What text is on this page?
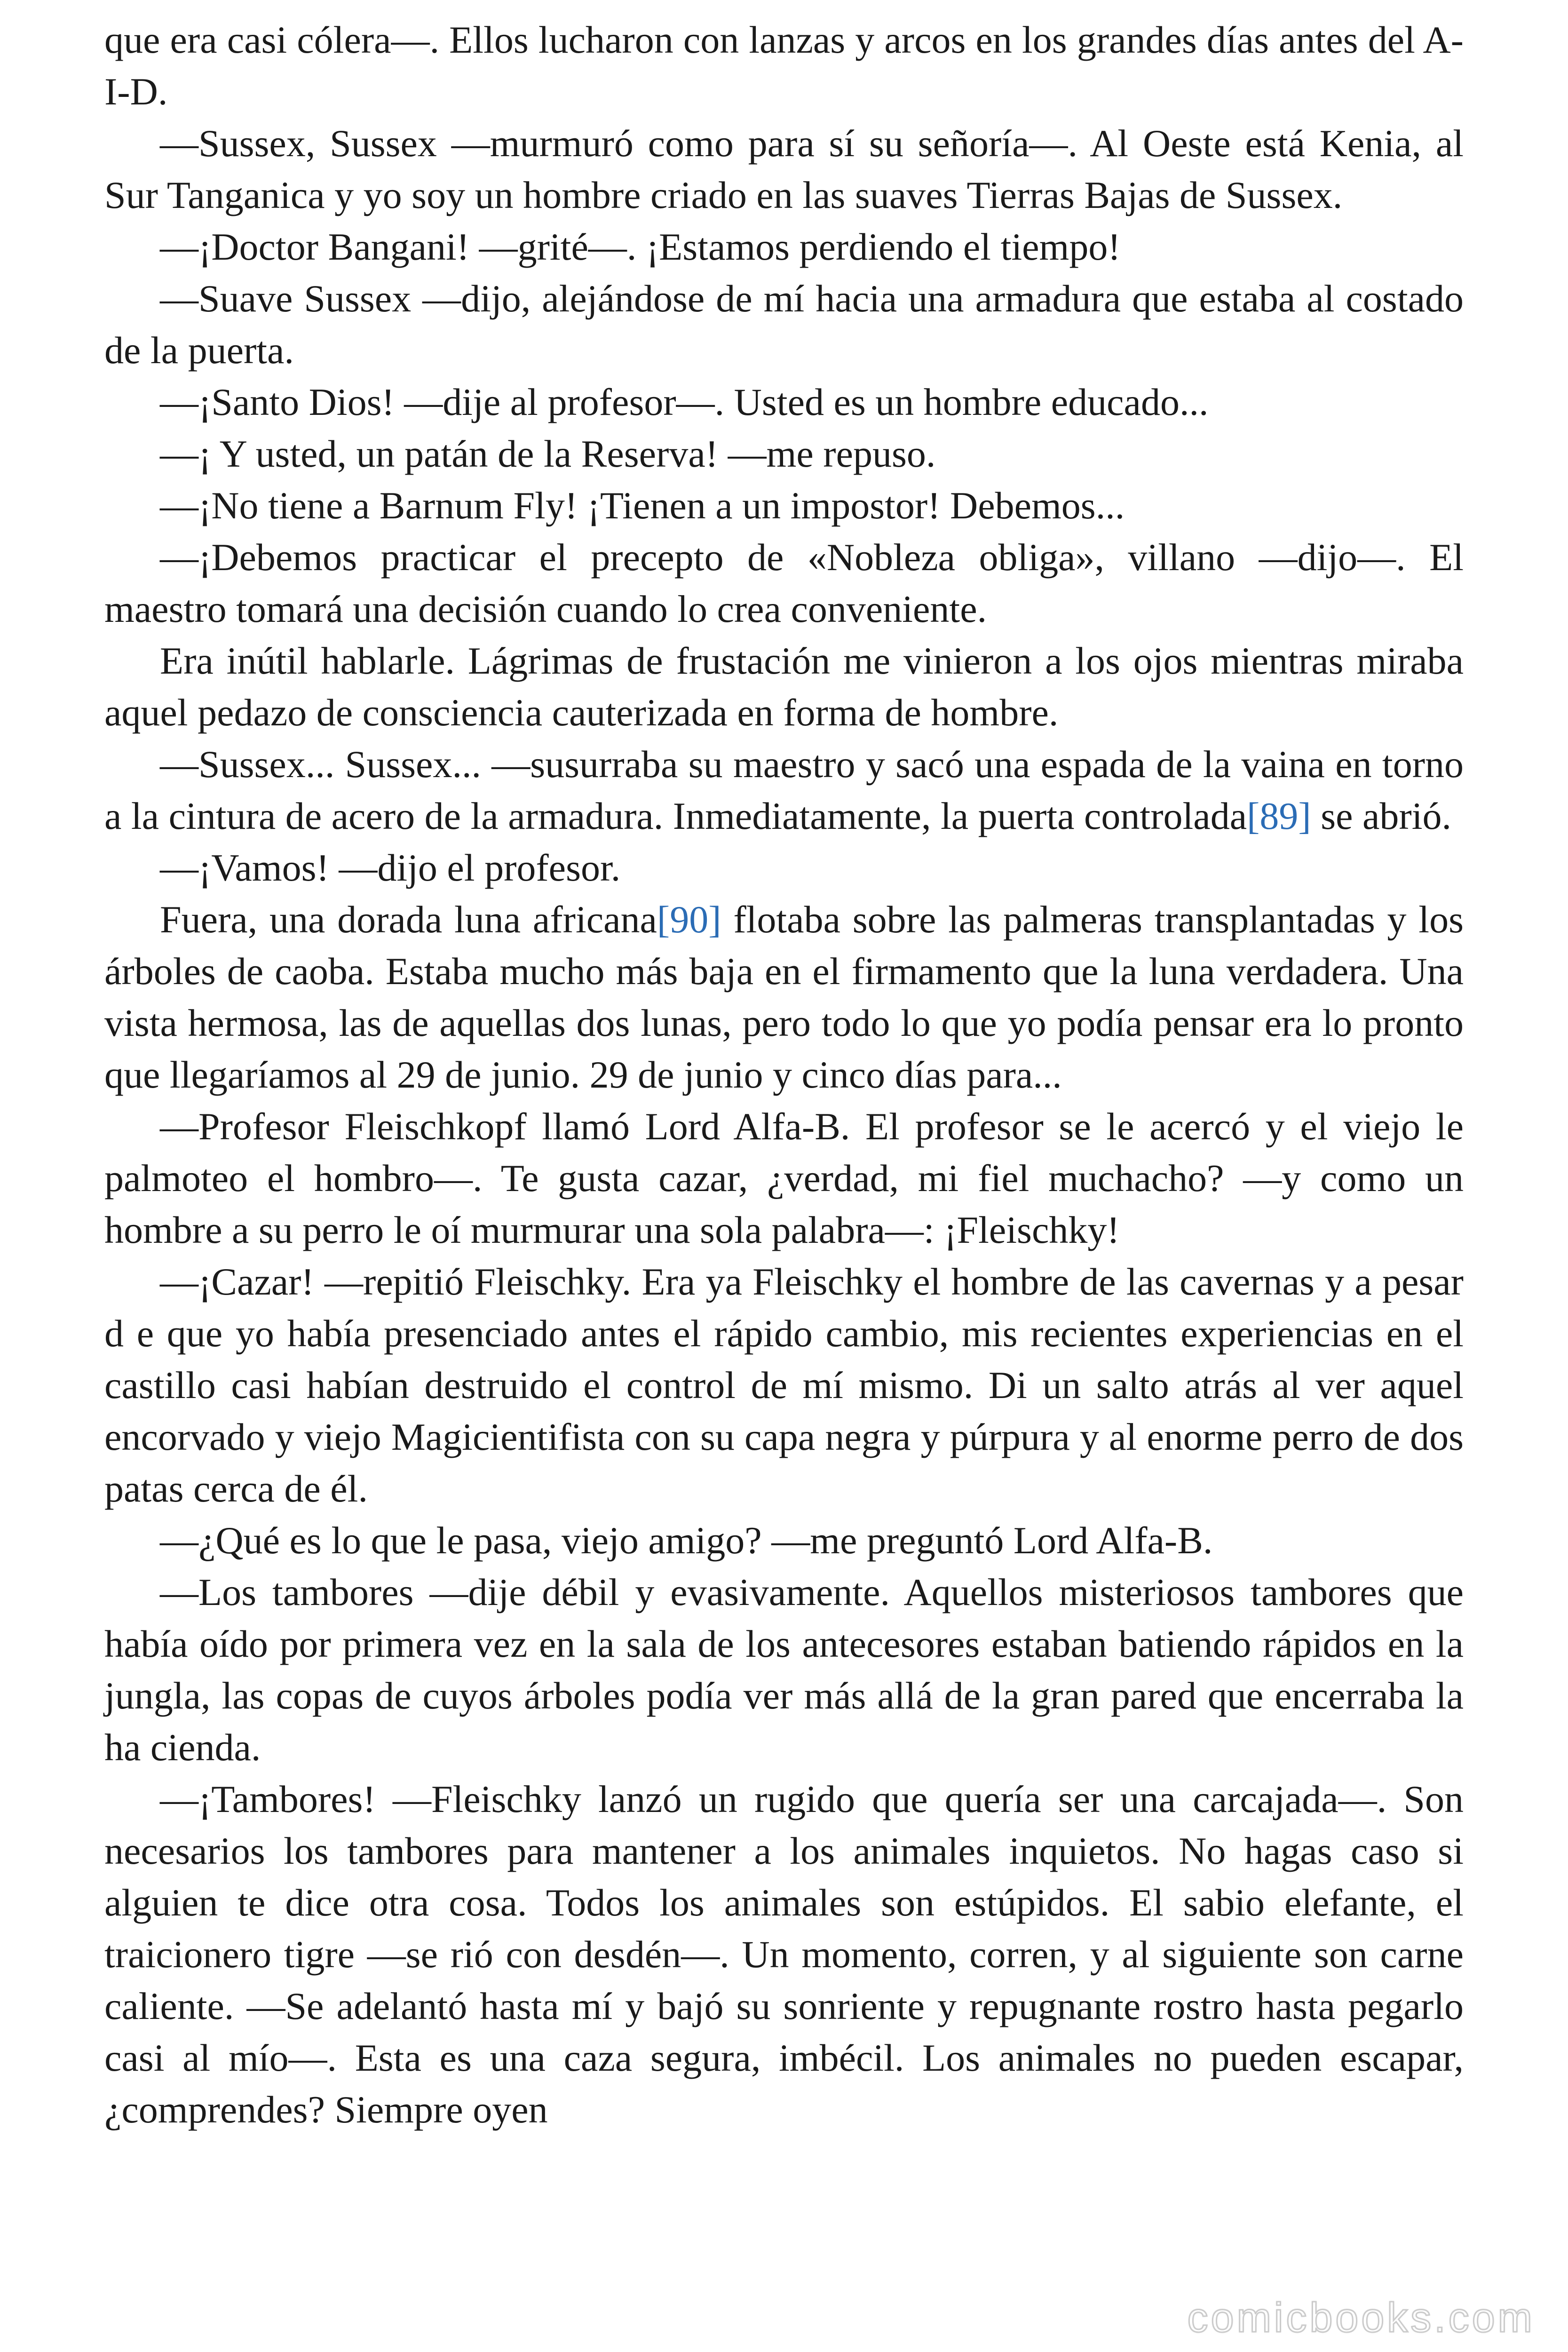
que era casi cólera—. Ellos lucharon con lanzas y arcos en los grandes días antes del A-I-D.

—Sussex, Sussex —murmuró como para sí su señoría—. Al Oeste está Kenia, al Sur Tanganica y yo soy un hombre criado en las suaves Tierras Bajas de Sussex.

—¡Doctor Bangani! —grité—. ¡Estamos perdiendo el tiempo!

—Suave Sussex —dijo, alejándose de mí hacia una armadura que estaba al costado de la puerta.

—¡Santo Dios! —dije al profesor—. Usted es un hombre educado...

—¡ Y usted, un patán de la Reserva! —me repuso.

—¡No tiene a Barnum Fly! ¡Tienen a un impostor! Debemos...

—¡Debemos practicar el precepto de «Nobleza obliga», villano —dijo—. El maestro tomará una decisión cuando lo crea conveniente.

Era inútil hablarle. Lágrimas de frustación me vinieron a los ojos mientras miraba aquel pedazo de consciencia cauterizada en forma de hombre.

—Sussex... Sussex... —susurraba su maestro y sacó una espada de la vaina en torno a la cintura de acero de la armadura. Inmediatamente, la puerta controlada[89] se abrió.

—¡Vamos! —dijo el profesor.

Fuera, una dorada luna africana[90] flotaba sobre las palmeras transplantadas y los árboles de caoba. Estaba mucho más baja en el firmamento que la luna verdadera. Una vista hermosa, las de aquellas dos lunas, pero todo lo que yo podía pensar era lo pronto que llegaríamos al 29 de junio. 29 de junio y cinco días para...

—Profesor Fleischkopf llamó Lord Alfa-B. El profesor se le acercó y el viejo le palmoteo el hombro—. Te gusta cazar, ¿verdad, mi fiel muchacho? —y como un hombre a su perro le oí murmurar una sola palabra—: ¡Fleischky!

—¡Cazar! —repitió Fleischky. Era ya Fleischky el hombre de las cavernas y a pesar d e que yo había presenciado antes el rápido cambio, mis recientes experiencias en el castillo casi habían destruido el control de mí mismo. Di un salto atrás al ver aquel encorvado y viejo Magicientifista con su capa negra y púrpura y al enorme perro de dos patas cerca de él.

—¿Qué es lo que le pasa, viejo amigo? —me preguntó Lord Alfa-B.

—Los tambores —dije débil y evasivamente. Aquellos misteriosos tambores que había oído por primera vez en la sala de los antecesores estaban batiendo rápidos en la jungla, las copas de cuyos árboles podía ver más allá de la gran pared que encerraba la ha cienda.

—¡Tambores! —Fleischky lanzó un rugido que quería ser una carcajada—. Son necesarios los tambores para mantener a los animales inquietos. No hagas caso si alguien te dice otra cosa. Todos los animales son estúpidos. El sabio elefante, el traicionero tigre —se rió con desdén—. Un momento, corren, y al siguiente son carne caliente. —Se adelantó hasta mí y bajó su sonriente y repugnante rostro hasta pegarlo casi al mío—. Esta es una caza segura, imbécil. Los animales no pueden escapar, ¿comprendes? Siempre oyen

comicbooks.com
